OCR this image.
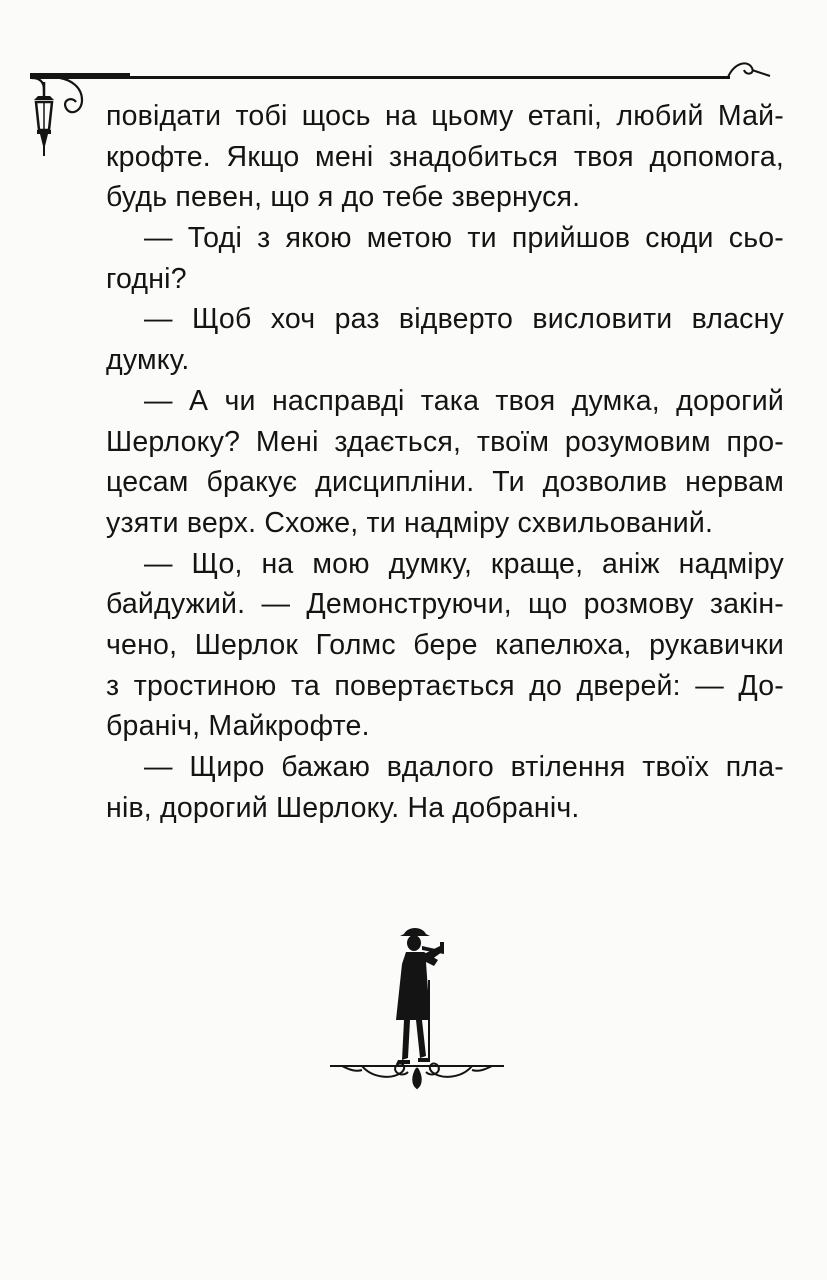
повідати тобі щось на цьому етапі, любий Май-
крофте. Якщо мені знадобиться твоя допомога,
будь певен, що я до тебе звернуся.
— Тоді з якою метою ти прийшов сюди сьо-
годні?
— Щоб хоч раз відверто висловити власну
думку.
— А чи насправді така твоя думка, дорогий
Шерлоку? Мені здається, твоїм розумовим про-
цесам бракує дисципліни. Ти дозволив нервам
узяти верх. Схоже, ти надміру схвильований.
— Що, на мою думку, краще, аніж надміру
байдужий. — Демонструючи, що розмову закін-
чено, Шерлок Голмс бере капелюха, рукавички
з тростиною та повертається до дверей: — До-
браніч, Майкрофте.
— Щиро бажаю вдалого втілення твоїх пла-
нів, дорогий Шерлоку. На добраніч.
